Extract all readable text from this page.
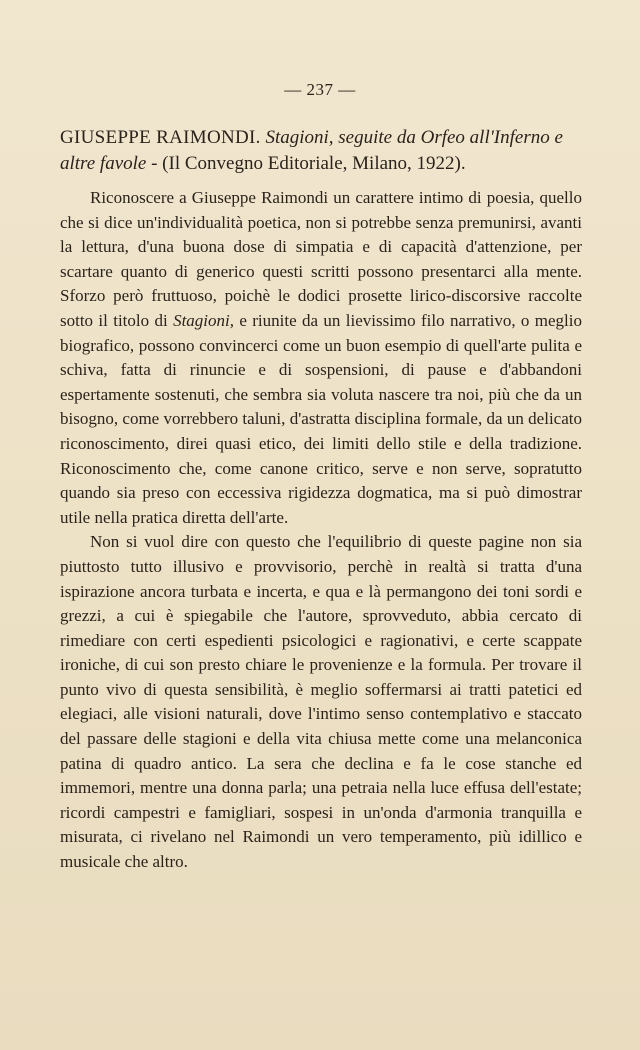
— 237 —
GIUSEPPE RAIMONDI. Stagioni, seguite da Orfeo all'Inferno e altre favole - (Il Convegno Editoriale, Milano, 1922).

Riconoscere a Giuseppe Raimondi un carattere intimo di poesia, quello che si dice un'individualità poetica, non si potrebbe senza premunirsi, avanti la lettura, d'una buona dose di simpatia e di capacità d'attenzione, per scartare quanto di generico questi scritti possono presentarci alla mente. Sforzo però fruttuoso, poichè le dodici prosette lirico-discorsive raccolte sotto il titolo di Stagioni, e riunite da un lievissimo filo narrativo, o meglio biografico, possono convincerci come un buon esempio di quell'arte pulita e schiva, fatta di rinuncie e di sospensioni, di pause e d'abbandoni espertamente sostenuti, che sembra sia voluta nascere tra noi, più che da un bisogno, come vorrebbero taluni, d'astratta disciplina formale, da un delicato riconoscimento, direi quasi etico, dei limiti dello stile e della tradizione. Riconoscimento che, come canone critico, serve e non serve, sopratutto quando sia preso con eccessiva rigidezza dogmatica, ma si può dimostrar utile nella pratica diretta dell'arte.

Non si vuol dire con questo che l'equilibrio di queste pagine non sia piuttosto tutto illusivo e provvisorio, perchè in realtà si tratta d'una ispirazione ancora turbata e incerta, e qua e là permangono dei toni sordi e grezzi, a cui è spiegabile che l'autore, sprovveduto, abbia cercato di rimediare con certi espedienti psicologici e ragionativi, e certe scappate ironiche, di cui son presto chiare le provenienze e la formula. Per trovare il punto vivo di questa sensibilità, è meglio soffermarsi ai tratti patetici ed elegiaci, alle visioni naturali, dove l'intimo senso contemplativo e staccato del passare delle stagioni e della vita chiusa mette come una melanconica patina di quadro antico. La sera che declina e fa le cose stanche ed immemori, mentre una donna parla; una petraia nella luce effusa dell'estate; ricordi campestri e famigliari, sospesi in un'onda d'armonia tranquilla e misurata, ci rivelano nel Raimondi un vero temperamento, più idillico e musicale che altro.
